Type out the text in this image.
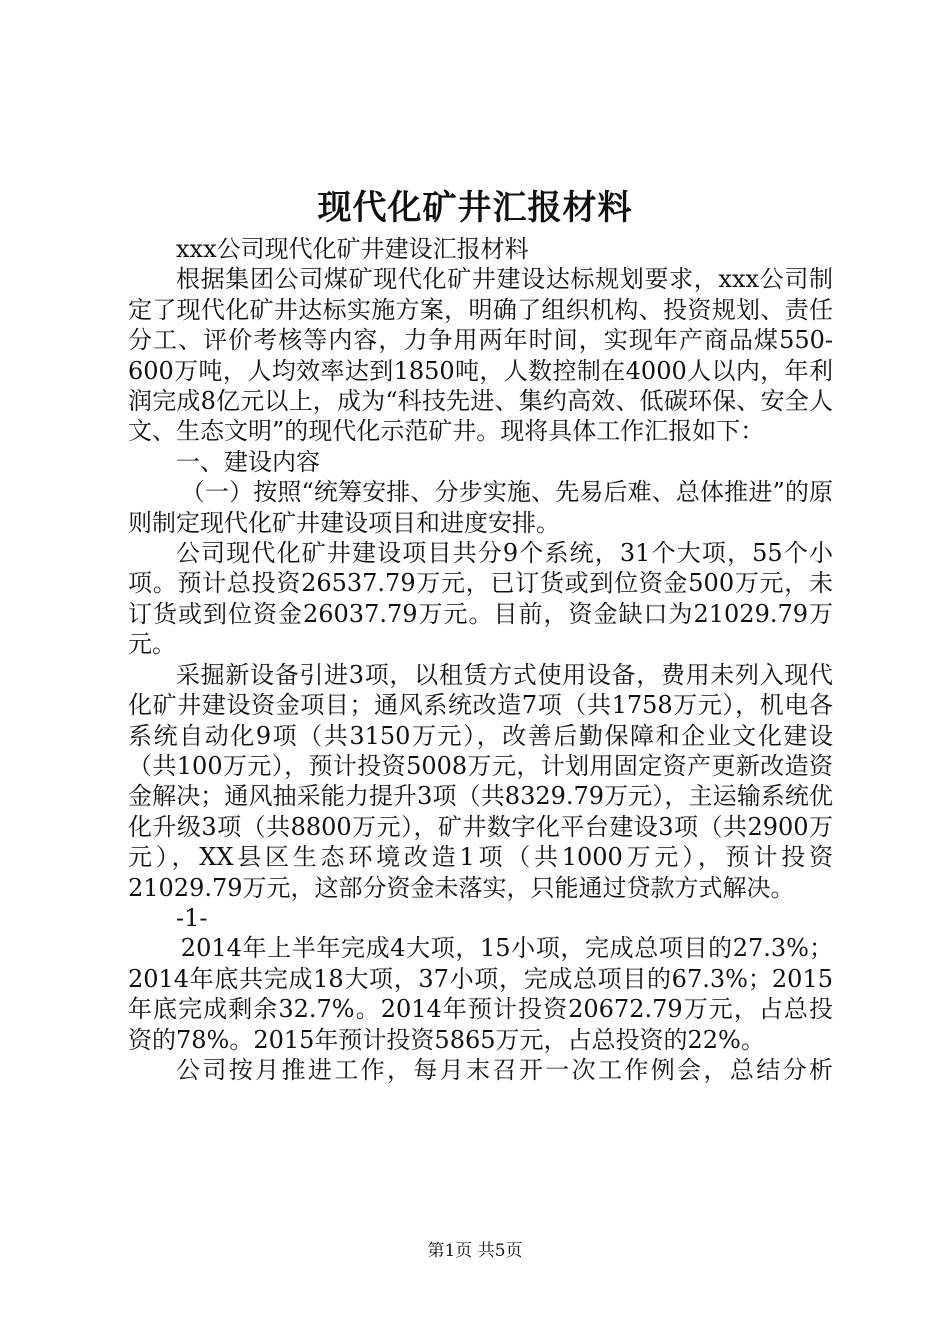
现代化矿井汇报材料

xxx公司现代化矿井建设汇报材料

根据集团公司煤矿现代化矿井建设达标规划要求，xxx公司制定了现代化矿井达标实施方案，明确了组织机构、投资规划、责任分工、评价考核等内容，力争用两年时间，实现年产商品煤550-600万吨，人均效率达到1850吨，人数控制在4000人以内，年利润完成8亿元以上，成为“科技先进、集约高效、低碳环保、安全人文、生态文明”的现代化示范矿井。现将具体工作汇报如下：

一、建设内容

（一）按照“统筹安排、分步实施、先易后难、总体推进”的原则制定现代化矿井建设项目和进度安排。

公司现代化矿井建设项目共分9个系统，31个大项，55个小项。预计总投资26537.79万元，已订货或到位资金500万元，未订货或到位资金26037.79万元。目前，资金缺口为21029.79万元。

采掘新设备引进3项，以租赁方式使用设备，费用未列入现代化矿井建设资金项目；通风系统改造7项（共1758万元），机电各系统自动化9项（共3150万元），改善后勤保障和企业文化建设（共100万元），预计投资5008万元，计划用固定资产更新改造资金解决；通风抽采能力提升3项（共8329.79万元），主运输系统优化升级3项（共8800万元），矿井数字化平台建设3项（共2900万元），XX县区生态环境改造1项（共1000万元），预计投资21029.79万元，这部分资金未落实，只能通过贷款方式解决。

-1-

2014年上半年完成4大项，15小项，完成总项目的27.3%；2014年底共完成18大项，37小项，完成总项目的67.3%；2015年底完成剩余32.7%。2014年预计投资20672.79万元，占总投资的78%。2015年预计投资5865万元，占总投资的22%。

公司按月推进工作，每月末召开一次工作例会，总结分析

第1页 共5页
